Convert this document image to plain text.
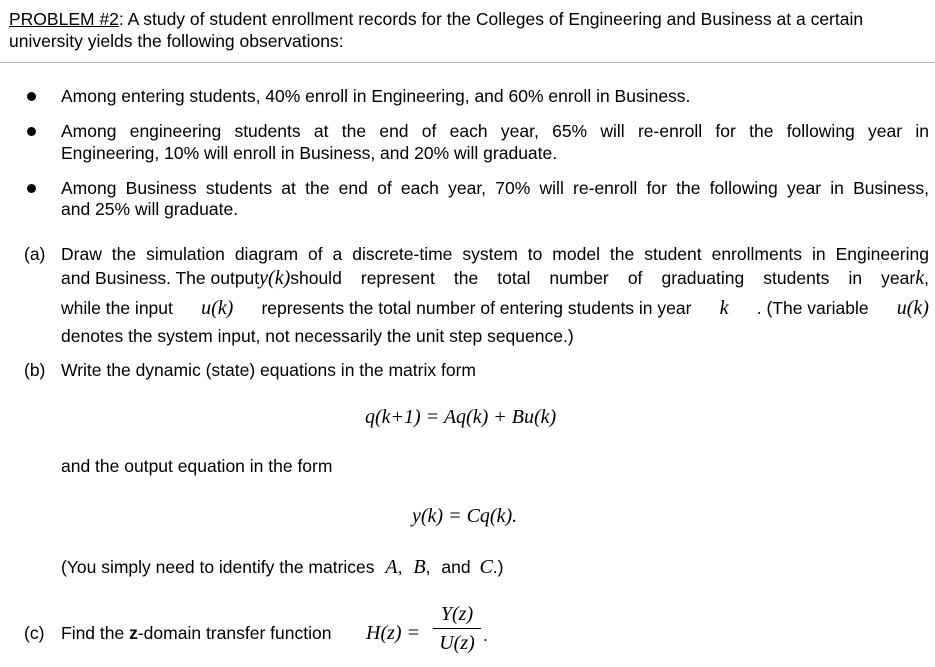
PROBLEM #2: A study of student enrollment records for the Colleges of Engineering and Business at a certain
university yields the following observations:
Among entering students, 40% enroll in Engineering, and 60% enroll in Business.
Among engineering students at the end of each year, 65% will re-enroll for the following year in
Engineering, 10% will enroll in Business, and 20% will graduate.
Among Business students at the end of each year, 70% will re-enroll for the following year in Business,
and 25% will graduate.
(a) Draw the simulation diagram of a discrete-time system to model the student enrollments in Engineering
and Business. The output y(k) should represent the total number of graduating students in year k,
while the input u(k) represents the total number of entering students in year k . (The variable u(k)
denotes the system input, not necessarily the unit step sequence.)
(b) Write the dynamic (state) equations in the matrix form
q(k+1) = Aq(k) + Bu(k)
and the output equation in the form
y(k) = Cq(k).
(You simply need to identify the matrices A, B, and C.)
(c) Find the z-domain transfer function H(z) =
Y(z)
U(z) .
